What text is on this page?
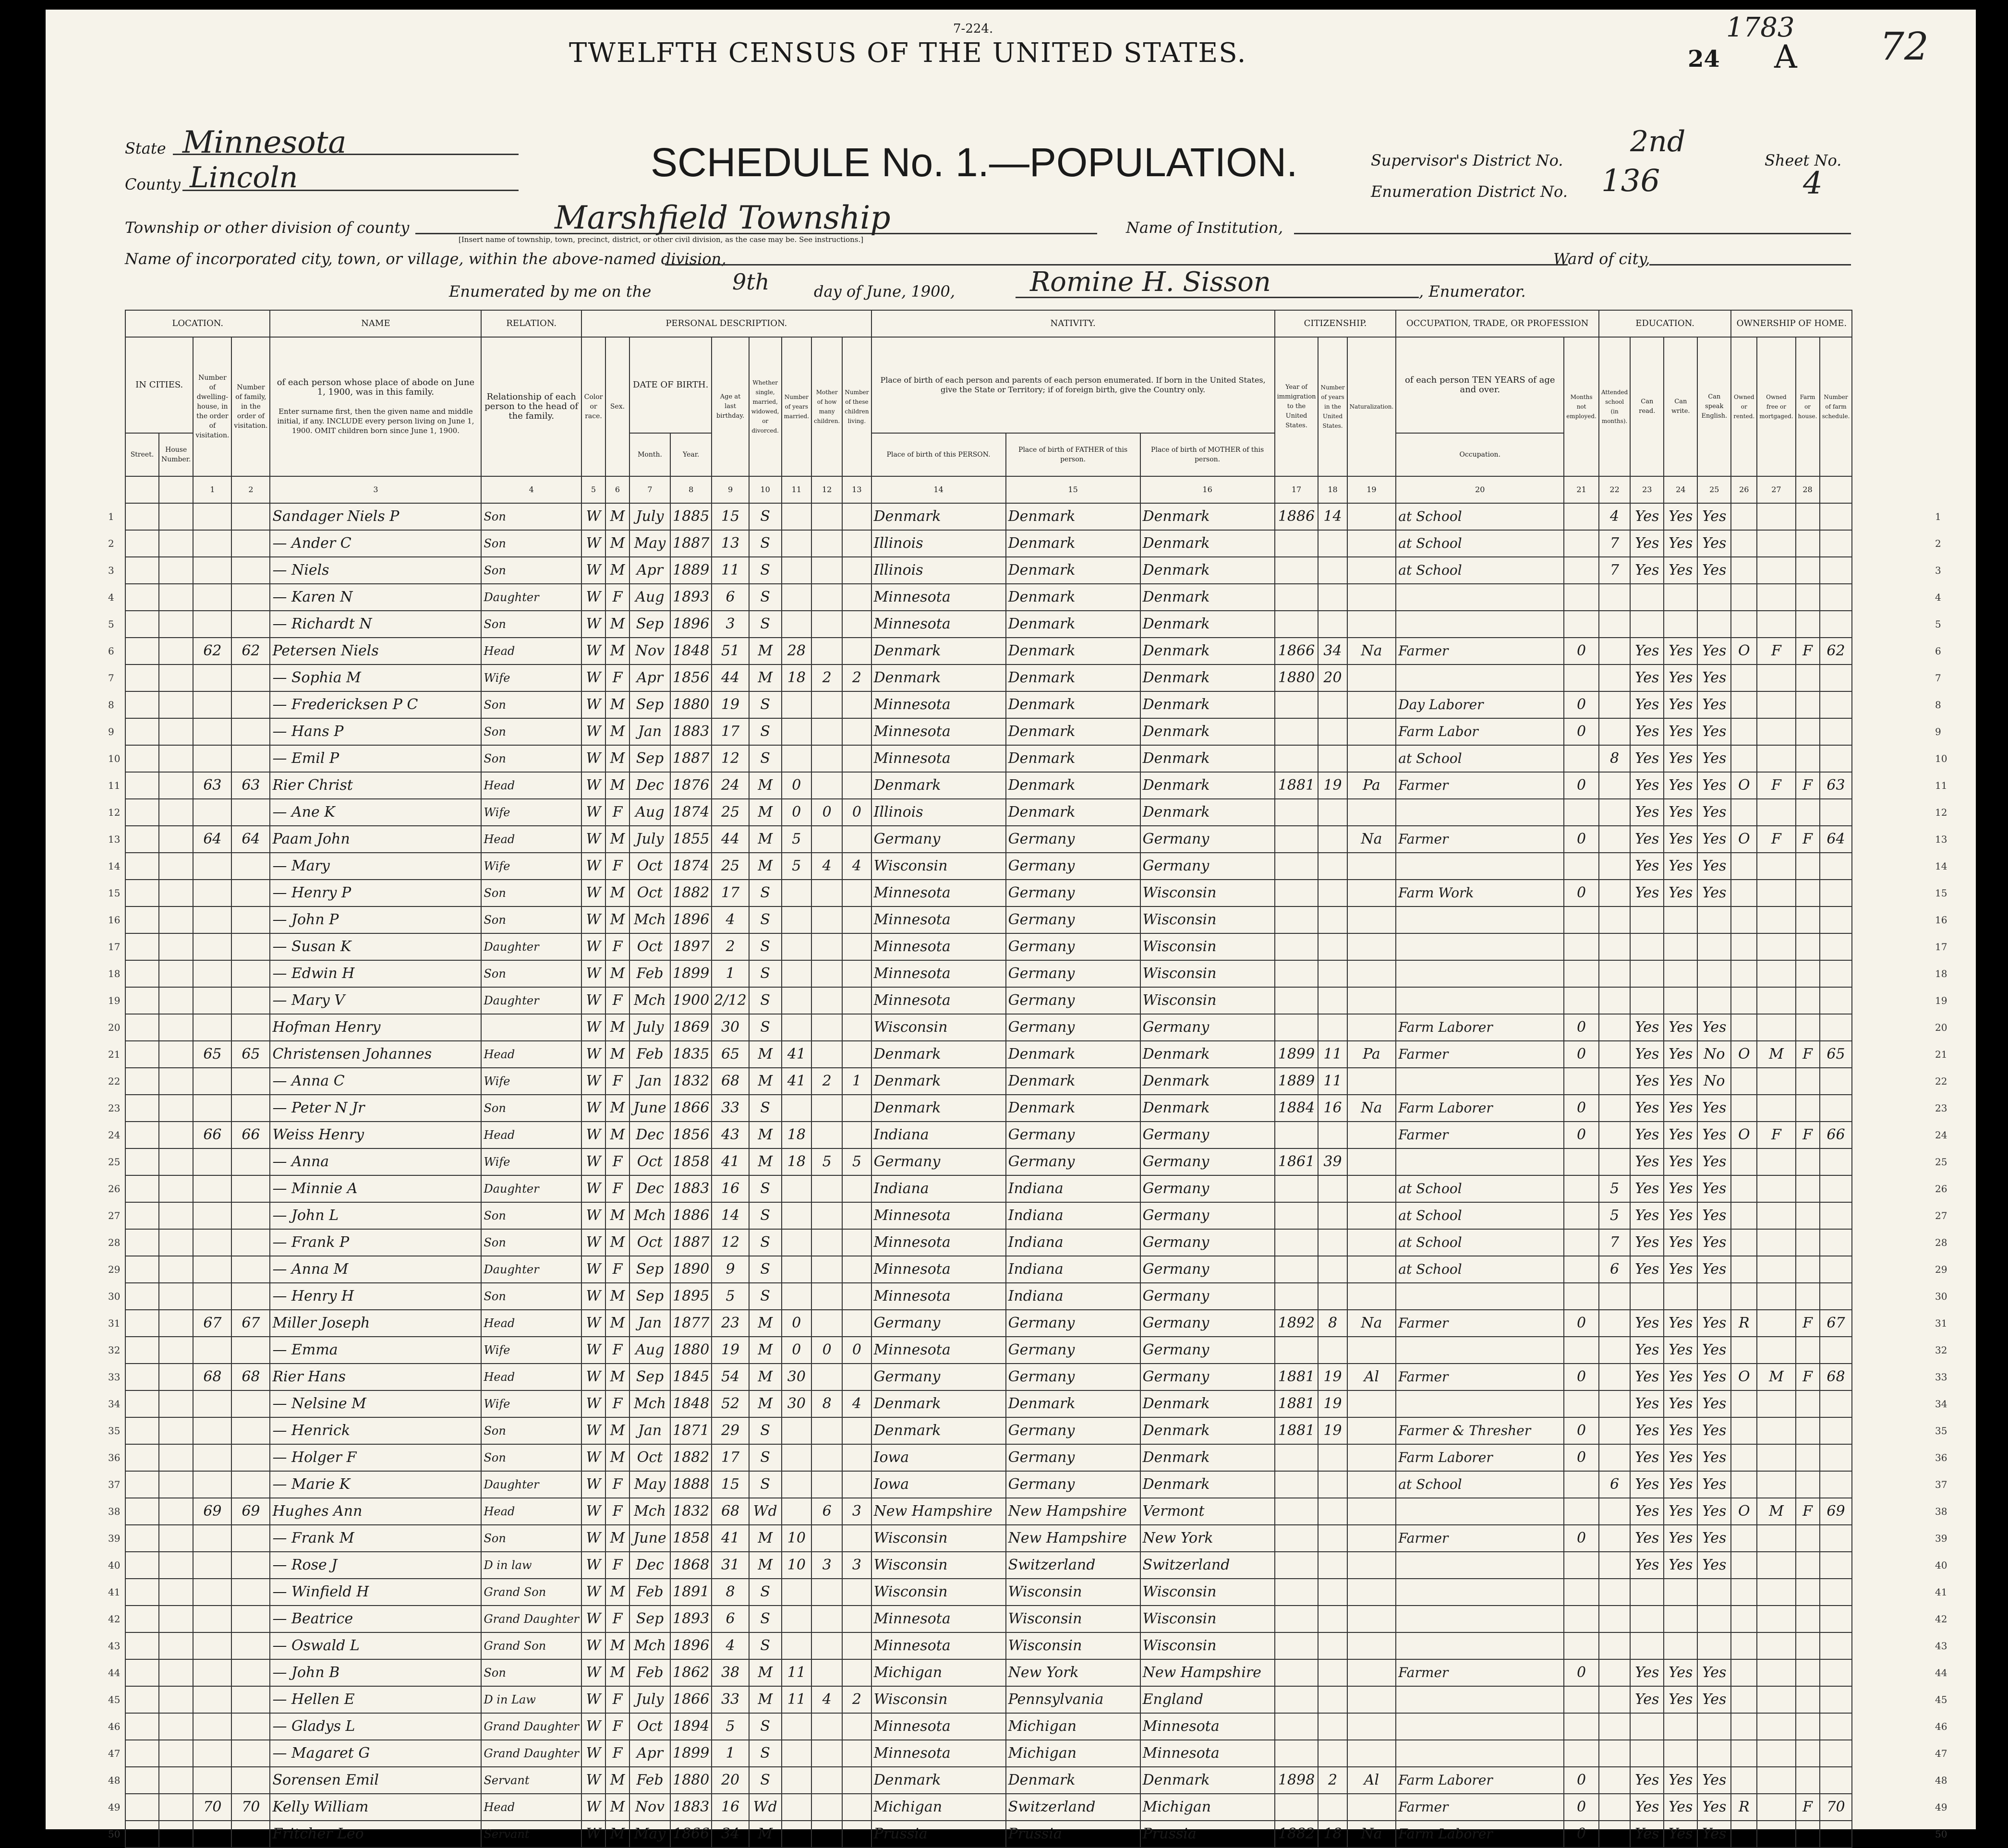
7-224.
TWELFTH CENSUS OF THE UNITED STATES.
1783 72
24 A
SCHEDULE No. 1.—POPULATION.
State Minnesota
County Lincoln
Supervisor's District No.
2nd
Enumeration District No. 136
Sheet No.
4
Township or other division of county	Marshfield Township
[Insert name of township, town, precinct, district, or other civil division, as the case may be. See instructions.]
Name of Institution,
Name of incorporated city, town, or village, within the above-named division,	Ward of city,
Enumerated by me on the	9th	day of June, 1900,	Romine H. Sisson	, Enumerator.
LOCATION.				NAME	RELATION.	PERSONAL DESCRIPTION.									NATIVITY.			CITIZENSHIP.			OCCUPATION, TRADE, OR PROFESSION		EDUCATION.				OWNERSHIP OF HOME.			
IN CITIES.		Number of dwelling-house, in the order of visitation.	Number of family, in the order of visitation.	of each person whose place of abode on June 1, 1900, was in this family.

Enter surname first, then the given name and middle initial, if any. INCLUDE every person living on June 1, 1900. OMIT children born since June 1, 1900.	Relationship of each person to the head of the family.	Color or race.	Sex.	DATE OF BIRTH.		Age at last birthday.	Whether single, married, widowed, or divorced.	Number of years married.	Mother of how many children.	Number of these children living.	Place of birth of each person and parents of each person enumerated. If born in the United States, give the State or Territory; if of foreign birth, give the Country only.			Year of immigration to the United States.	Number of years in the United States.	Naturalization.	of each person TEN YEARS of age and over.	Months not employed.	Attended school (in months).	Can read.	Can write.	Can speak English.	Owned or rented.	Owned free or mortgaged.	Farm or house.	Number of farm schedule.
Street.	House Number.							Month.	Year.						Place of birth of this PERSON.	Place of birth of FATHER of this person.	Place of birth of MOTHER of this person.				Occupation.									
		1	2	3	4	5	6	7	8	9	10	11	12	13	14	15	16	17	18	19	20	21	22	23	24	25	26	27	28	
				Sandager Niels P	Son	W	M	July	1885	15	S				Denmark	Denmark	Denmark	1886	14		at School		4	Yes	Yes	Yes				
				— Ander C	Son	W	M	May	1887	13	S				Illinois	Denmark	Denmark				at School		7	Yes	Yes	Yes				
				— Niels	Son	W	M	Apr	1889	11	S				Illinois	Denmark	Denmark				at School		7	Yes	Yes	Yes				
				— Karen N	Daughter	W	F	Aug	1893	6	S				Minnesota	Denmark	Denmark													
				— Richardt N	Son	W	M	Sep	1896	3	S				Minnesota	Denmark	Denmark													
		62	62	Petersen Niels	Head	W	M	Nov	1848	51	M	28			Denmark	Denmark	Denmark	1866	34	Na	Farmer	0		Yes	Yes	Yes	O	F	F	62
				— Sophia M	Wife	W	F	Apr	1856	44	M	18	2	2	Denmark	Denmark	Denmark	1880	20					Yes	Yes	Yes				
				— Fredericksen P C	Son	W	M	Sep	1880	19	S				Minnesota	Denmark	Denmark				Day Laborer	0		Yes	Yes	Yes				
				— Hans P	Son	W	M	Jan	1883	17	S				Minnesota	Denmark	Denmark				Farm Labor	0		Yes	Yes	Yes				
				— Emil P	Son	W	M	Sep	1887	12	S				Minnesota	Denmark	Denmark				at School		8	Yes	Yes	Yes				
		63	63	Rier Christ	Head	W	M	Dec	1876	24	M	0			Denmark	Denmark	Denmark	1881	19	Pa	Farmer	0		Yes	Yes	Yes	O	F	F	63
				— Ane K	Wife	W	F	Aug	1874	25	M	0	0	0	Illinois	Denmark	Denmark							Yes	Yes	Yes				
		64	64	Paam John	Head	W	M	July	1855	44	M	5			Germany	Germany	Germany			Na	Farmer	0		Yes	Yes	Yes	O	F	F	64
				— Mary	Wife	W	F	Oct	1874	25	M	5	4	4	Wisconsin	Germany	Germany							Yes	Yes	Yes				
				— Henry P	Son	W	M	Oct	1882	17	S				Minnesota	Germany	Wisconsin				Farm Work	0		Yes	Yes	Yes				
				— John P	Son	W	M	Mch	1896	4	S				Minnesota	Germany	Wisconsin													
				— Susan K	Daughter	W	F	Oct	1897	2	S				Minnesota	Germany	Wisconsin													
				— Edwin H	Son	W	M	Feb	1899	1	S				Minnesota	Germany	Wisconsin													
				— Mary V	Daughter	W	F	Mch	1900	2/12	S				Minnesota	Germany	Wisconsin													
				Hofman Henry		W	M	July	1869	30	S				Wisconsin	Germany	Germany				Farm Laborer	0		Yes	Yes	Yes				
		65	65	Christensen Johannes	Head	W	M	Feb	1835	65	M	41			Denmark	Denmark	Denmark	1899	11	Pa	Farmer	0		Yes	Yes	No	O	M	F	65
				— Anna C	Wife	W	F	Jan	1832	68	M	41	2	1	Denmark	Denmark	Denmark	1889	11					Yes	Yes	No				
				— Peter N Jr	Son	W	M	June	1866	33	S				Denmark	Denmark	Denmark	1884	16	Na	Farm Laborer	0		Yes	Yes	Yes				
		66	66	Weiss Henry	Head	W	M	Dec	1856	43	M	18			Indiana	Germany	Germany				Farmer	0		Yes	Yes	Yes	O	F	F	66
				— Anna	Wife	W	F	Oct	1858	41	M	18	5	5	Germany	Germany	Germany	1861	39					Yes	Yes	Yes				
				— Minnie A	Daughter	W	F	Dec	1883	16	S				Indiana	Indiana	Germany				at School		5	Yes	Yes	Yes				
				— John L	Son	W	M	Mch	1886	14	S				Minnesota	Indiana	Germany				at School		5	Yes	Yes	Yes				
				— Frank P	Son	W	M	Oct	1887	12	S				Minnesota	Indiana	Germany				at School		7	Yes	Yes	Yes				
				— Anna M	Daughter	W	F	Sep	1890	9	S				Minnesota	Indiana	Germany				at School		6	Yes	Yes	Yes				
				— Henry H	Son	W	M	Sep	1895	5	S				Minnesota	Indiana	Germany													
		67	67	Miller Joseph	Head	W	M	Jan	1877	23	M	0			Germany	Germany	Germany	1892	8	Na	Farmer	0		Yes	Yes	Yes	R		F	67
				— Emma	Wife	W	F	Aug	1880	19	M	0	0	0	Minnesota	Germany	Germany							Yes	Yes	Yes				
		68	68	Rier Hans	Head	W	M	Sep	1845	54	M	30			Germany	Germany	Germany	1881	19	Al	Farmer	0		Yes	Yes	Yes	O	M	F	68
				— Nelsine M	Wife	W	F	Mch	1848	52	M	30	8	4	Denmark	Denmark	Denmark	1881	19					Yes	Yes	Yes				
				— Henrick	Son	W	M	Jan	1871	29	S				Denmark	Germany	Denmark	1881	19		Farmer & Thresher	0		Yes	Yes	Yes				
				— Holger F	Son	W	M	Oct	1882	17	S				Iowa	Germany	Denmark				Farm Laborer	0		Yes	Yes	Yes				
				— Marie K	Daughter	W	F	May	1888	15	S				Iowa	Germany	Denmark				at School		6	Yes	Yes	Yes				
		69	69	Hughes Ann	Head	W	F	Mch	1832	68	Wd		6	3	New Hampshire	New Hampshire	Vermont							Yes	Yes	Yes	O	M	F	69
				— Frank M	Son	W	M	June	1858	41	M	10			Wisconsin	New Hampshire	New York				Farmer	0		Yes	Yes	Yes				
				— Rose J	D in law	W	F	Dec	1868	31	M	10	3	3	Wisconsin	Switzerland	Switzerland							Yes	Yes	Yes				
				— Winfield H	Grand Son	W	M	Feb	1891	8	S				Wisconsin	Wisconsin	Wisconsin													
				— Beatrice	Grand Daughter	W	F	Sep	1893	6	S				Minnesota	Wisconsin	Wisconsin													
				— Oswald L	Grand Son	W	M	Mch	1896	4	S				Minnesota	Wisconsin	Wisconsin													
				— John B	Son	W	M	Feb	1862	38	M	11			Michigan	New York	New Hampshire				Farmer	0		Yes	Yes	Yes				
				— Hellen E	D in Law	W	F	July	1866	33	M	11	4	2	Wisconsin	Pennsylvania	England							Yes	Yes	Yes				
				— Gladys L	Grand Daughter	W	F	Oct	1894	5	S				Minnesota	Michigan	Minnesota													
				— Magaret G	Grand Daughter	W	F	Apr	1899	1	S				Minnesota	Michigan	Minnesota													
				Sorensen Emil	Servant	W	M	Feb	1880	20	S				Denmark	Denmark	Denmark	1898	2	Al	Farm Laborer	0		Yes	Yes	Yes				
		70	70	Kelly William	Head	W	M	Nov	1883	16	Wd				Michigan	Switzerland	Michigan				Farmer	0		Yes	Yes	Yes	R		F	70
				Fritcher Leo	Servant	W	M	May	1866	34	M				Prussia	Prussia	Prussia	1882	18	Na	Farm Laborer	0		Yes	Yes	Yes				
1	1
2	2
3	3
4	4
5	5
6	6
7	7
8	8
9	9
10	10
11	11
12	12
13	13
14	14
15	15
16	16
17	17
18	18
19	19
20	20
21	21
22	22
23	23
24	24
25	25
26	26
27	27
28	28
29	29
30	30
31	31
32	32
33	33
34	34
35	35
36	36
37	37
38	38
39	39
40	40
41	41
42	42
43	43
44	44
45	45
46	46
47	47
48	48
49	49
50	50
